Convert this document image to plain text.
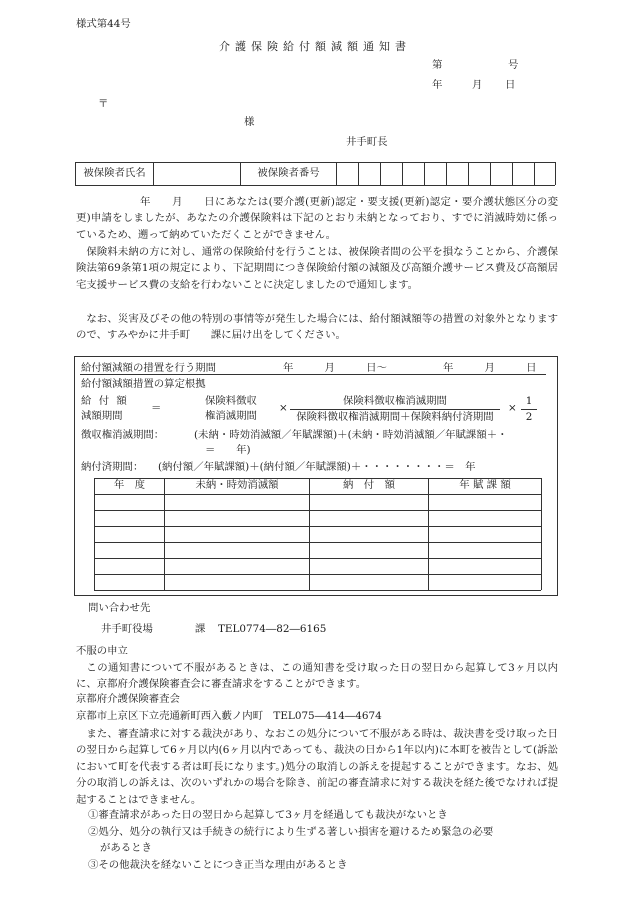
様式第44号
介護保険給付額減額通知書
第	号
年	月 日
〒
様
井手町長
被保険者氏名	被保険者番号
年　　月　　日にあなたは(要介護(更新)認定・要支援(更新)認定・要介護状態区分の変更)申請をしましたが、あなたの介護保険料は下記のとおり未納となっており、すでに消滅時効に係っているため、遡って納めていただくことができません。
保険料未納の方に対し、通常の保険給付を行うことは、被保険者間の公平を損なうことから、介護保険法第69条第1項の規定により、下記期間につき保険給付額の減額及び高額介護サービス費及び高額居宅支援サービス費の支給を行わないことに決定しましたので通知します。
なお、災害及びその他の特別の事情等が発生した場合には、給付額減額等の措置の対象外となりますので、すみやかに井手町　　課に届け出をしてください。
給付額減額の措置を行う期間	年　　　月　　　日～	年　　　月　　　日
給付額減額措置の算定根拠
給 付 額
減額期間
＝
保険料徴収
権消滅期間
×
保険料徴収権消滅期間
保険料徴収権消滅期間＋保険料納付済期間
×
1
2
徴収権消滅期間：	(未納・時効消滅額／年賦課額)＋(未納・時効消滅額／年賦課額＋・
＝　　年)
納付済期間： (納付額／年賦課額)＋(納付額／年賦課額)＋・・・・・・・・＝　年
年　度	未納・時効消滅額	納　付　額	年 賦 課 額
問い合わせ先
井手町役場	課 TEL0774―82―6165
不服の申立
この通知書について不服があるときは、この通知書を受け取った日の翌日から起算して3ヶ月以内に、京都府介護保険審査会に審査請求をすることができます。
京都府介護保険審査会
京都市上京区下立売通新町西入藪ノ内町　TEL075―414―4674
また、審査請求に対する裁決があり、なおこの処分について不服がある時は、裁決書を受け取った日の翌日から起算して6ヶ月以内(6ヶ月以内であっても、裁決の日から1年以内)に本町を被告として(訴訟において町を代表する者は町長になります。)処分の取消しの訴えを提起することができます。なお、処分の取消しの訴えは、次のいずれかの場合を除き、前記の審査請求に対する裁決を経た後でなければ提起することはできません。
①審査請求があった日の翌日から起算して3ヶ月を経過しても裁決がないとき
②処分、処分の執行又は手続きの続行により生ずる著しい損害を避けるため緊急の必要
があるとき
③その他裁決を経ないことにつき正当な理由があるとき
